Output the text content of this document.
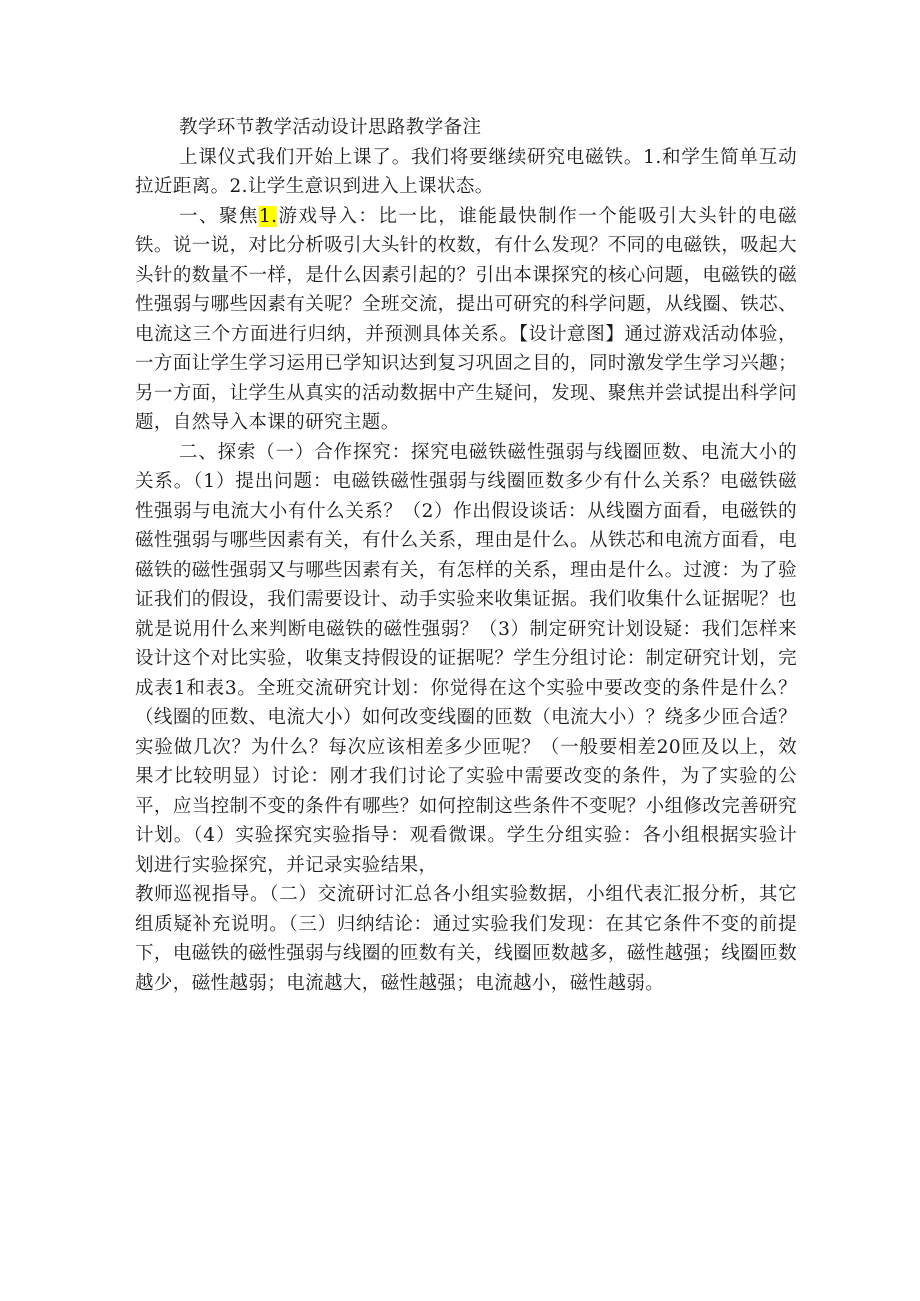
教学环节教学活动设计思路教学备注

上课仪式我们开始上课了。我们将要继续研究电磁铁。1.和学生简单互动拉近距离。2.让学生意识到进入上课状态。

一、聚焦1.游戏导入：比一比，谁能最快制作一个能吸引大头针的电磁铁。说一说，对比分析吸引大头针的枚数，有什么发现？不同的电磁铁，吸起大头针的数量不一样，是什么因素引起的？引出本课探究的核心问题，电磁铁的磁性强弱与哪些因素有关呢？全班交流，提出可研究的科学问题，从线圈、铁芯、电流这三个方面进行归纳，并预测具体关系。【设计意图】通过游戏活动体验，一方面让学生学习运用已学知识达到复习巩固之目的，同时激发学生学习兴趣；另一方面，让学生从真实的活动数据中产生疑问，发现、聚焦并尝试提出科学问题，自然导入本课的研究主题。

二、探索（一）合作探究：探究电磁铁磁性强弱与线圈匝数、电流大小的关系。（1）提出问题：电磁铁磁性强弱与线圈匝数多少有什么关系？电磁铁磁性强弱与电流大小有什么关系？（2）作出假设谈话：从线圈方面看，电磁铁的磁性强弱与哪些因素有关，有什么关系，理由是什么。从铁芯和电流方面看，电磁铁的磁性强弱又与哪些因素有关，有怎样的关系，理由是什么。过渡：为了验证我们的假设，我们需要设计、动手实验来收集证据。我们收集什么证据呢？也就是说用什么来判断电磁铁的磁性强弱？（3）制定研究计划设疑：我们怎样来设计这个对比实验，收集支持假设的证据呢？学生分组讨论：制定研究计划，完成表1和表3。全班交流研究计划：你觉得在这个实验中要改变的条件是什么？（线圈的匝数、电流大小）如何改变线圈的匝数（电流大小）？绕多少匝合适？实验做几次？为什么？每次应该相差多少匝呢？（一般要相差20匝及以上，效果才比较明显）讨论：刚才我们讨论了实验中需要改变的条件，为了实验的公平，应当控制不变的条件有哪些？如何控制这些条件不变呢？小组修改完善研究计划。（4）实验探究实验指导：观看微课。学生分组实验：各小组根据实验计划进行实验探究，并记录实验结果，

教师巡视指导。（二）交流研讨汇总各小组实验数据，小组代表汇报分析，其它组质疑补充说明。（三）归纳结论：通过实验我们发现：在其它条件不变的前提下，电磁铁的磁性强弱与线圈的匝数有关，线圈匝数越多，磁性越强；线圈匝数越少，磁性越弱；电流越大，磁性越强；电流越小，磁性越弱。
